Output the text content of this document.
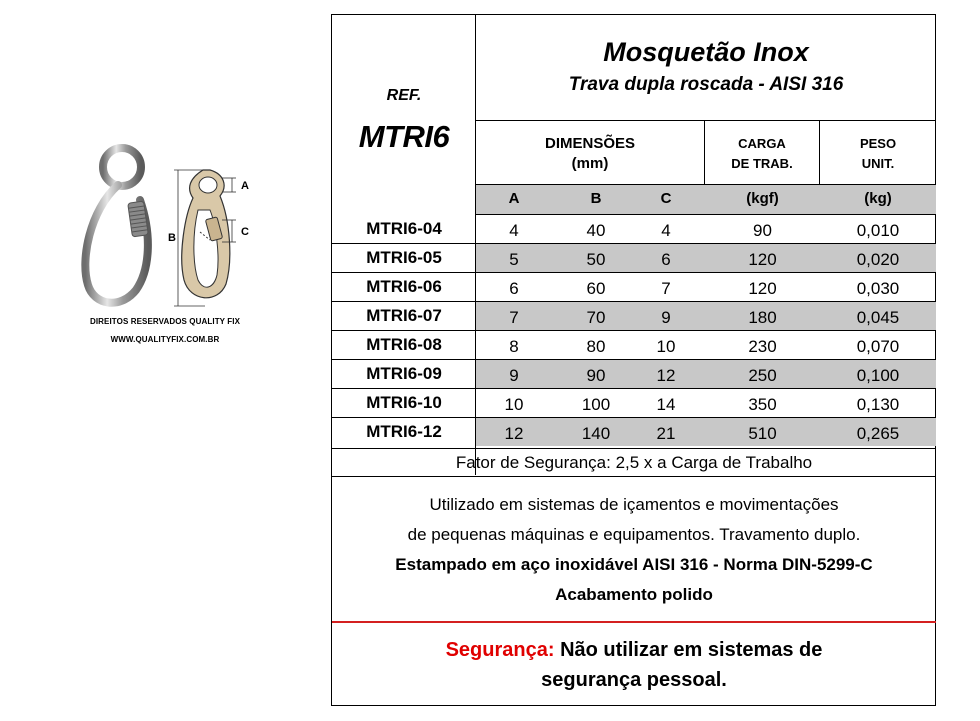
B
A
C
DIREITOS RESERVADOS QUALITY FIX
WWW.QUALITYFIX.COM.BR
REF.
MTRI6
Mosquetão Inox
Trava dupla roscada - AISI 316
DIMENSÕES
(mm)
CARGA
DE TRAB.
PESO
UNIT.
A	B	C	(kgf)	(kg)
MTRI6-04	4	40	4	90	0,010
MTRI6-05	5	50	6	120	0,020
MTRI6-06	6	60	7	120	0,030
MTRI6-07	7	70	9	180	0,045
MTRI6-08	8	80	10	230	0,070
MTRI6-09	9	90	12	250	0,100
MTRI6-10	10	100	14	350	0,130
MTRI6-12	12	140	21	510	0,265
Fator de Segurança: 2,5 x a Carga de Trabalho
Utilizado em sistemas de içamentos e movimentações
de pequenas máquinas e equipamentos. Travamento duplo.
Estampado em aço inoxidável AISI 316 - Norma DIN-5299-C
Acabamento polido
Segurança: Não utilizar em sistemas de
segurança pessoal.
